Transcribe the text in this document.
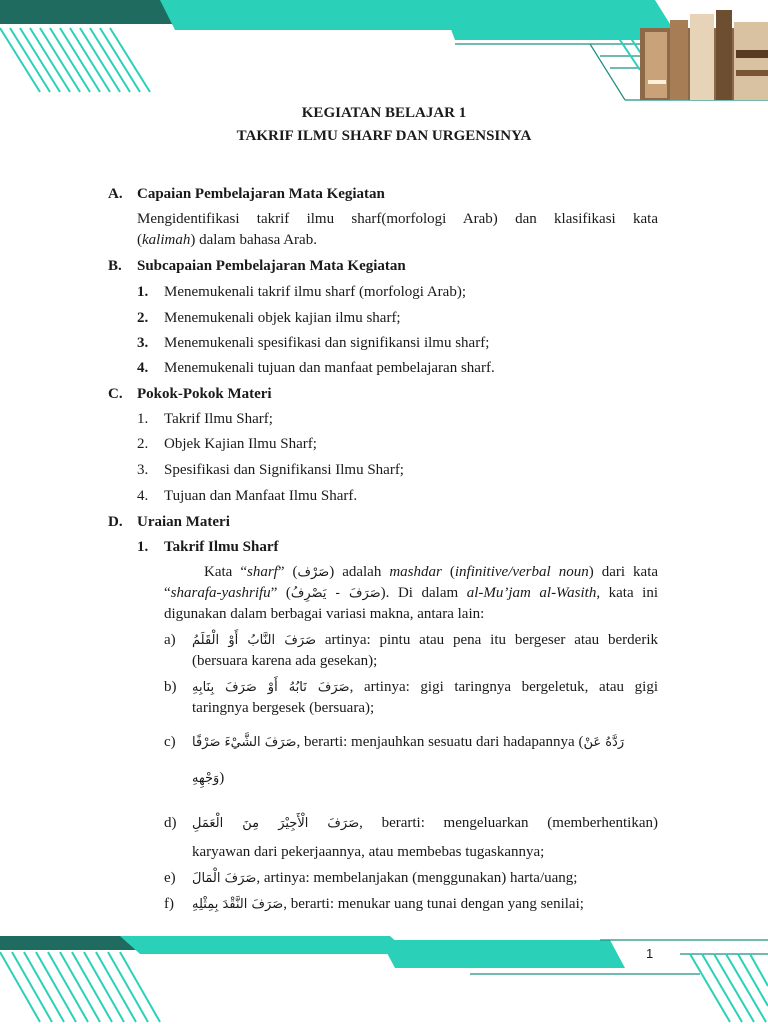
KEGIATAN BELAJAR 1
TAKRIF ILMU SHARF DAN URGENSINYA
A. Capaian Pembelajaran Mata Kegiatan
Mengidentifikasi takrif ilmu sharf(morfologi Arab) dan klasifikasi kata
(kalimah) dalam bahasa Arab.
B. Subcapaian Pembelajaran Mata Kegiatan
1. Menemukenali takrif ilmu sharf (morfologi Arab);
2. Menemukenali objek kajian ilmu sharf;
3. Menemukenali spesifikasi dan signifikansi ilmu sharf;
4. Menemukenali tujuan dan manfaat pembelajaran sharf.
C. Pokok-Pokok Materi
1. Takrif Ilmu Sharf;
2. Objek Kajian Ilmu Sharf;
3. Spesifikasi dan Signifikansi Ilmu Sharf;
4. Tujuan dan Manfaat Ilmu Sharf.
D. Uraian Materi
1. Takrif Ilmu Sharf
Kata “sharf” (صَرْف) adalah mashdar (infinitive/verbal noun) dari kata
“sharafa-yashrifu” (صَرَفَ - يَصْرِفُ). Di dalam al-Mu’jam al-Wasith, kata ini
digunakan dalam berbagai variasi makna, antara lain:
a) صَرَفَ النَّابُ أَوْ الْقَلَمُ artinya: pintu atau pena itu bergeser atau berderik
(bersuara karena ada gesekan);
b) صَرَفَ نَابُهُ أَوْ صَرَفَ بِنَابِهِ, artinya: gigi taringnya bergeletuk, atau gigi
taringnya bergesek (bersuara);
c) صَرَفَ الشَّيْءَ صَرْفًا, berarti: menjauhkan sesuatu dari hadapannya (رَدَّهُ عَنْ
وَجْهِهِ)
d) صَرَفَ الْأَجِيْرَ مِنَ الْعَمَلِ, berarti: mengeluarkan (memberhentikan)
karyawan dari pekerjaannya, atau membebas tugaskannya;
e) صَرَفَ الْمَالَ, artinya: membelanjakan (menggunakan) harta/uang;
f) صَرَفَ النَّقْدَ بِمِثْلِهِ, berarti: menukar uang tunai dengan yang senilai;
1
